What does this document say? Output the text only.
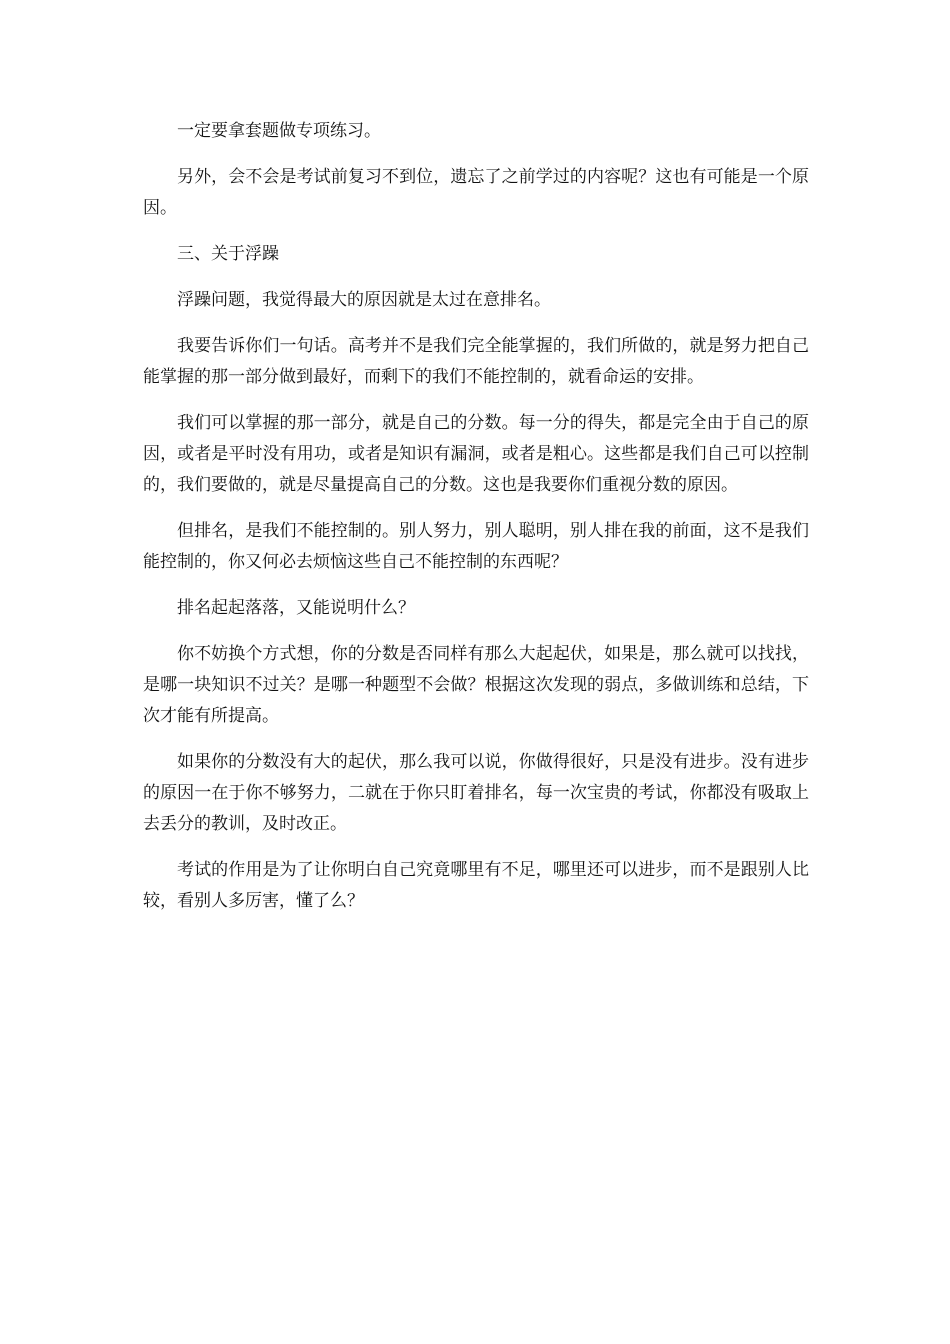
一定要拿套题做专项练习。

另外，会不会是考试前复习不到位，遗忘了之前学过的内容呢？这也有可能是一个原因。

三、关于浮躁

浮躁问题，我觉得最大的原因就是太过在意排名。

我要告诉你们一句话。高考并不是我们完全能掌握的，我们所做的，就是努力把自己能掌握的那一部分做到最好，而剩下的我们不能控制的，就看命运的安排。

我们可以掌握的那一部分，就是自己的分数。每一分的得失，都是完全由于自己的原因，或者是平时没有用功，或者是知识有漏洞，或者是粗心。这些都是我们自己可以控制的，我们要做的，就是尽量提高自己的分数。这也是我要你们重视分数的原因。

但排名，是我们不能控制的。别人努力，别人聪明，别人排在我的前面，这不是我们能控制的，你又何必去烦恼这些自己不能控制的东西呢？

排名起起落落，又能说明什么？

你不妨换个方式想，你的分数是否同样有那么大起起伏，如果是，那么就可以找找，是哪一块知识不过关？是哪一种题型不会做？根据这次发现的弱点，多做训练和总结，下次才能有所提高。

如果你的分数没有大的起伏，那么我可以说，你做得很好，只是没有进步。没有进步的原因一在于你不够努力，二就在于你只盯着排名，每一次宝贵的考试，你都没有吸取上去丢分的教训，及时改正。

考试的作用是为了让你明白自己究竟哪里有不足，哪里还可以进步，而不是跟别人比较，看别人多厉害，懂了么？
